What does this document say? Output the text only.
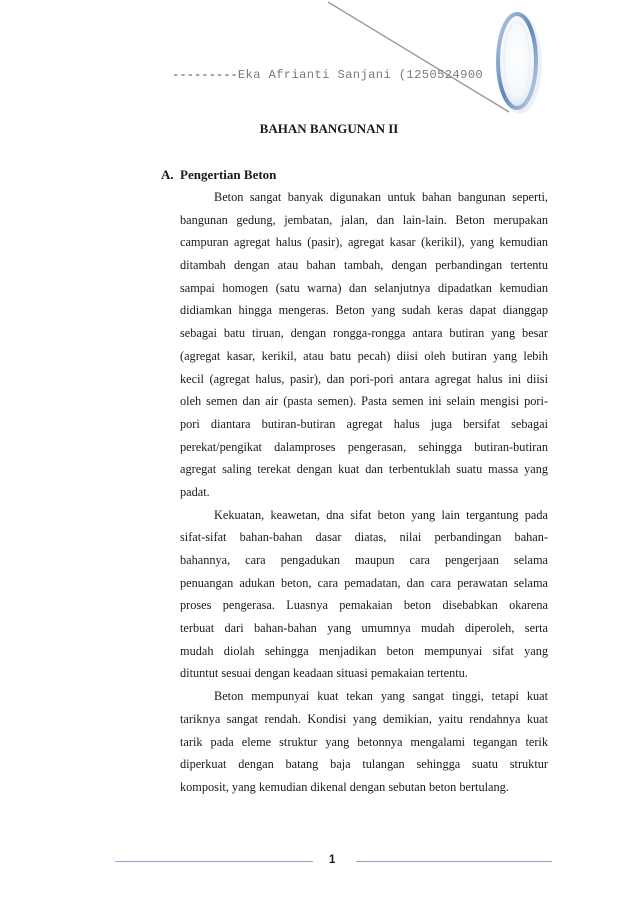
---------Eka Afrianti Sanjani (1250524900
BAHAN BANGUNAN II
A. Pengertian Beton
Beton sangat banyak digunakan untuk bahan bangunan seperti,
bangunan gedung, jembatan, jalan, dan lain-lain. Beton merupakan
campuran agregat halus (pasir), agregat kasar (kerikil), yang kemudian
ditambah dengan atau bahan tambah, dengan perbandingan tertentu
sampai homogen (satu warna) dan selanjutnya dipadatkan kemudian
didiamkan hingga mengeras. Beton yang sudah keras dapat dianggap
sebagai batu tiruan, dengan rongga-rongga antara butiran yang besar
(agregat kasar, kerikil, atau batu pecah) diisi oleh butiran yang lebih
kecil (agregat halus, pasir), dan pori-pori antara agregat halus ini diisi
oleh semen dan air (pasta semen). Pasta semen ini selain mengisi pori-
pori diantara butiran-butiran agregat halus juga bersifat sebagai
perekat/pengikat dalamproses pengerasan, sehingga butiran-butiran
agregat saling terekat dengan kuat dan terbentuklah suatu massa yang
padat.
Kekuatan, keawetan, dna sifat beton yang lain tergantung pada
sifat-sifat bahan-bahan dasar diatas, nilai perbandingan bahan-
bahannya, cara pengadukan maupun cara pengerjaan selama
penuangan adukan beton, cara pemadatan, dan cara perawatan selama
proses pengerasa. Luasnya pemakaian beton disebabkan okarena
terbuat dari bahan-bahan yang umumnya mudah diperoleh, serta
mudah diolah sehingga menjadikan beton mempunyai sifat yang
dituntut sesuai dengan keadaan situasi pemakaian tertentu.
Beton mempunyai kuat tekan yang sangat tinggi, tetapi kuat
tariknya sangat rendah. Kondisi yang demikian, yaitu rendahnya kuat
tarik pada eleme struktur yang betonnya mengalami tegangan terik
diperkuat dengan batang baja tulangan sehingga suatu struktur
komposit, yang kemudian dikenal dengan sebutan beton bertulang.
1
